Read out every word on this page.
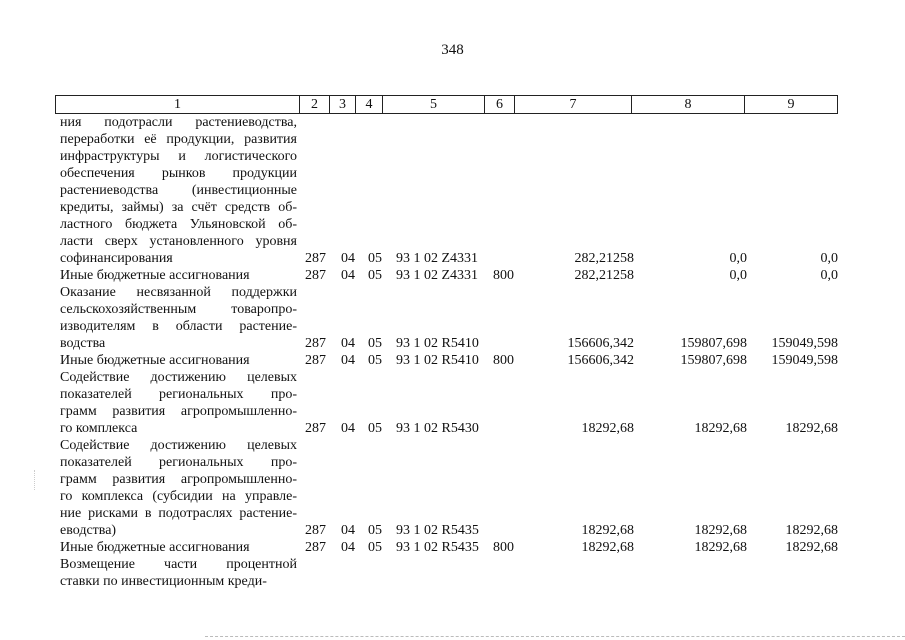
348
1	2	3	4	5	6	7	8	9
ния подотрасли растениеводства,
переработки её продукции, развития
инфраструктуры и логистического
обеспечения рынков продукции
растениеводства (инвестиционные
кредиты, займы) за счёт средств об-
ластного бюджета Ульяновской об-
ласти сверх установленного уровня
софинансирования	287 04 05 93 1 02 Z4331	282,21258	0,0	0,0
Иные бюджетные ассигнования	287 04 05 93 1 02 Z4331 800	282,21258	0,0	0,0
Оказание несвязанной поддержки
сельскохозяйственным товаропро-
изводителям в области растение-
водства	287 04 05 93 1 02 R5410	156606,342	159807,698 159049,598
Иные бюджетные ассигнования	287 04 05 93 1 02 R5410 800	156606,342	159807,698 159049,598
Содействие достижению целевых
показателей региональных про-
грамм развития агропромышленно-
го комплекса	287 04 05 93 1 02 R5430	18292,68	18292,68	18292,68
Содействие достижению целевых
показателей региональных про-
грамм развития агропромышленно-
го комплекса (субсидии на управле-
ние рисками в подотраслях растение-
еводства)	287 04 05 93 1 02 R5435	18292,68	18292,68	18292,68
Иные бюджетные ассигнования	287 04 05 93 1 02 R5435 800	18292,68	18292,68	18292,68
Возмещение части процентной
ставки по инвестиционным креди-
